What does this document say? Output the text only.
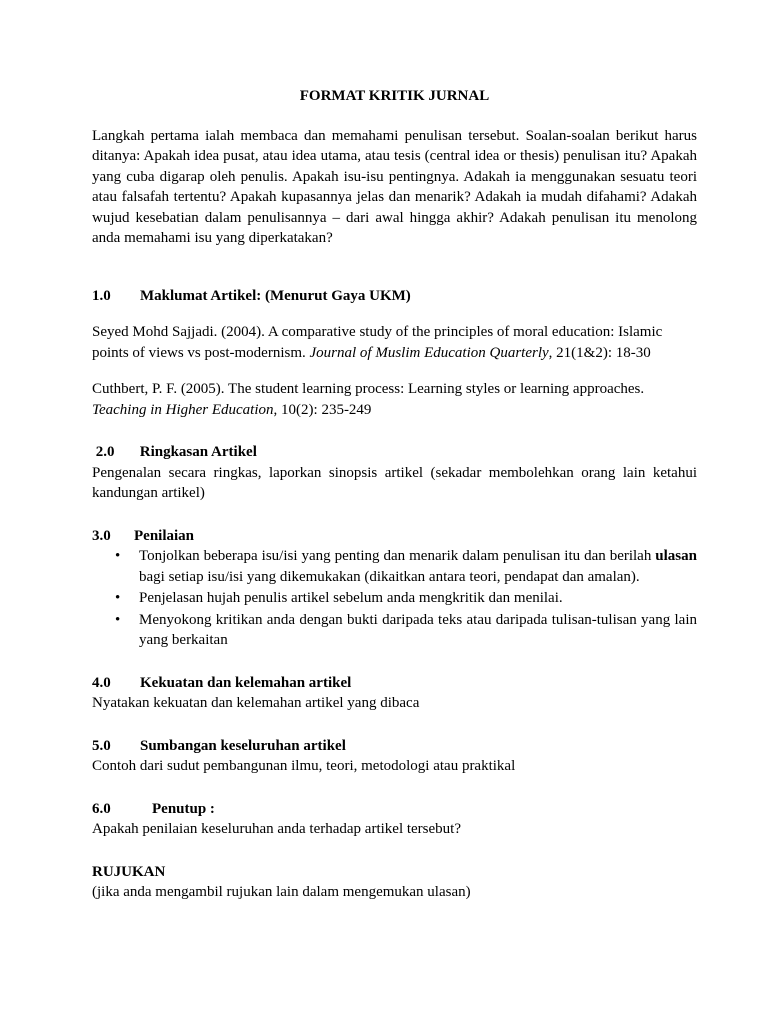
FORMAT KRITIK JURNAL

Langkah pertama ialah membaca dan memahami penulisan tersebut. Soalan-soalan berikut harus ditanya: Apakah idea pusat, atau idea utama, atau tesis (central idea or thesis) penulisan itu? Apakah yang cuba digarap oleh penulis. Apakah isu-isu pentingnya. Adakah ia menggunakan sesuatu teori atau falsafah tertentu? Apakah kupasannya jelas dan menarik? Adakah ia mudah difahami? Adakah wujud kesebatian dalam penulisannya – dari awal hingga akhir? Adakah penulisan itu menolong anda memahami isu yang diperkatakan?

1.0 Maklumat Artikel: (Menurut Gaya UKM)

Seyed Mohd Sajjadi. (2004). A comparative study of the principles of moral education: Islamic points of views vs post-modernism. Journal of Muslim Education Quarterly, 21(1&2): 18-30

Cuthbert, P. F. (2005). The student learning process: Learning styles or learning approaches. Teaching in Higher Education, 10(2): 235-249

2.0 Ringkasan Artikel

Pengenalan secara ringkas, laporkan sinopsis artikel (sekadar membolehkan orang lain ketahui kandungan artikel)

3.0 Penilaian

• Tonjolkan beberapa isu/isi yang penting dan menarik dalam penulisan itu dan berilah ulasan bagi setiap isu/isi yang dikemukakan (dikaitkan antara teori, pendapat dan amalan).
• Penjelasan hujah penulis artikel sebelum anda mengkritik dan menilai.
• Menyokong kritikan anda dengan bukti daripada teks atau daripada tulisan-tulisan yang lain yang berkaitan

4.0 Kekuatan dan kelemahan artikel

Nyatakan kekuatan dan kelemahan artikel yang dibaca

5.0 Sumbangan keseluruhan artikel

Contoh dari sudut pembangunan ilmu, teori, metodologi atau praktikal

6.0	Penutup :

Apakah penilaian keseluruhan anda terhadap artikel tersebut?

RUJUKAN

(jika anda mengambil rujukan lain dalam mengemukan ulasan)
